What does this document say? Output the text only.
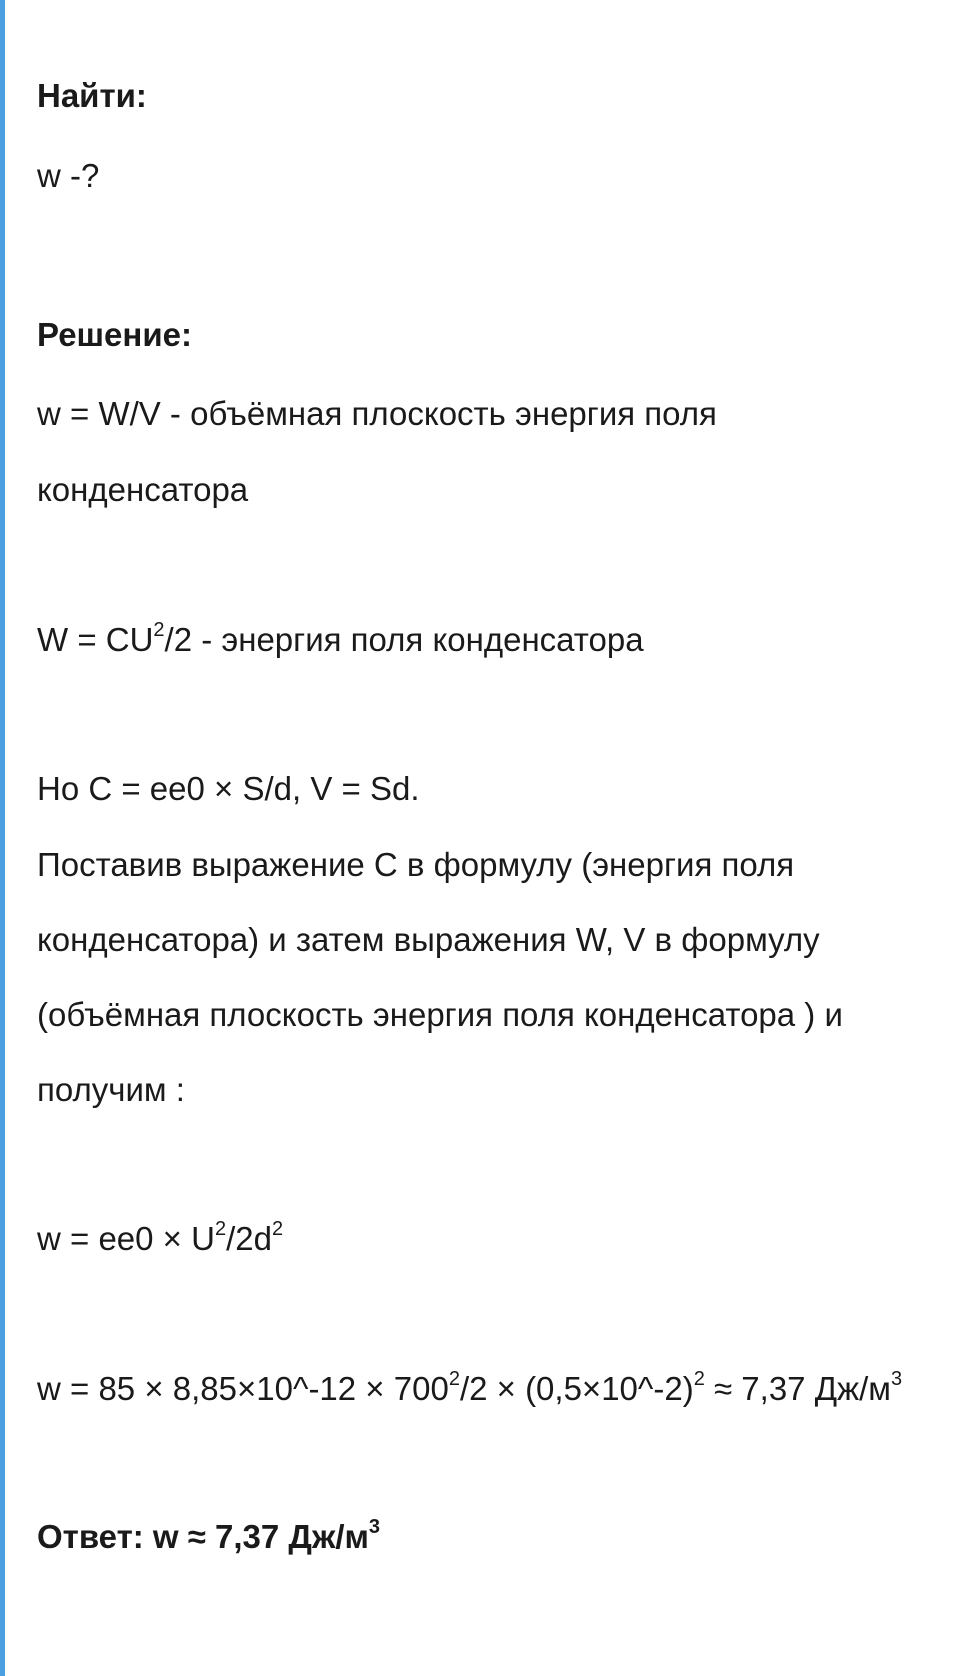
Найти:

w -?

Решение:

w = W/V - объёмная плоскость энергия поля

конденсатора

$W = CU^2/2$ - энергия поля конденсатора

Но C = ee0 × S/d, V = Sd.

Поставив выражение C в формулу (энергия поля

конденсатора) и затем выражения W, V в формулу

(объёмная плоскость энергия поля конденсатора ) и

получим :

$w = ee0 \times U^2/2d^2$

w = 85 × 8,85×10^-12 × $700^2/2$ × (0,5×10^-2)$^2$ ≈ 7,37 $Дж/м^3$

Ответ: w ≈ 7,37 $Дж/м^3$
